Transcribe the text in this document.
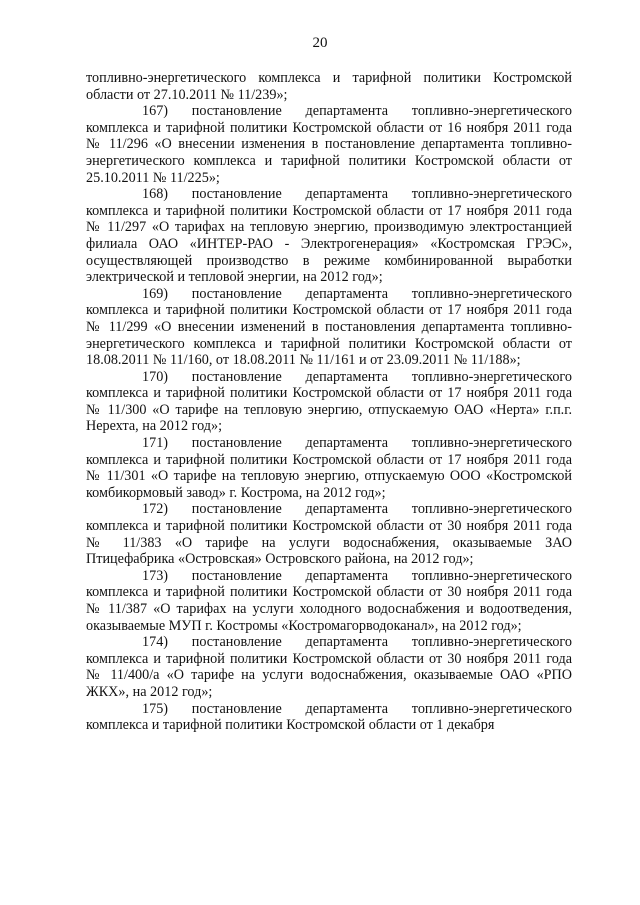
20

топливно-энергетического комплекса и тарифной политики Костромской области от 27.10.2011 № 11/239»;

167) постановление департамента топливно-энергетического комплекса и тарифной политики Костромской области от 16 ноября 2011 года № 11/296 «О внесении изменения в постановление департамента топливно-энергетического комплекса и тарифной политики Костромской области от 25.10.2011 № 11/225»;

168) постановление департамента топливно-энергетического комплекса и тарифной политики Костромской области от 17 ноября 2011 года № 11/297 «О тарифах на тепловую энергию, производимую электростанцией филиала ОАО «ИНТЕР-РАО - Электрогенерация» «Костромская ГРЭС», осуществляющей производство в режиме комбинированной выработки электрической и тепловой энергии, на 2012 год»;

169) постановление департамента топливно-энергетического комплекса и тарифной политики Костромской области от 17 ноября 2011 года № 11/299 «О внесении изменений в постановления департамента топливно-энергетического комплекса и тарифной политики Костромской области от 18.08.2011 № 11/160, от 18.08.2011 № 11/161 и от 23.09.2011 № 11/188»;

170) постановление департамента топливно-энергетического комплекса и тарифной политики Костромской области от 17 ноября 2011 года № 11/300 «О тарифе на тепловую энергию, отпускаемую ОАО «Нерта» г.п.г. Нерехта, на 2012 год»;

171) постановление департамента топливно-энергетического комплекса и тарифной политики Костромской области от 17 ноября 2011 года № 11/301 «О тарифе на тепловую энергию, отпускаемую ООО «Костромской комбикормовый завод» г. Кострома, на 2012 год»;

172) постановление департамента топливно-энергетического комплекса и тарифной политики Костромской области от 30 ноября 2011 года № 11/383 «О тарифе на услуги водоснабжения, оказываемые ЗАО Птицефабрика «Островская» Островского района, на 2012 год»;

173) постановление департамента топливно-энергетического комплекса и тарифной политики Костромской области от 30 ноября 2011 года № 11/387 «О тарифах на услуги холодного водоснабжения и водоотведения, оказываемые МУП г. Костромы «Костромагорводоканал», на 2012 год»;

174) постановление департамента топливно-энергетического комплекса и тарифной политики Костромской области от 30 ноября 2011 года № 11/400/а «О тарифе на услуги водоснабжения, оказываемые ОАО «РПО ЖКХ», на 2012 год»;

175) постановление департамента топливно-энергетического комплекса и тарифной политики Костромской области от 1 декабря
